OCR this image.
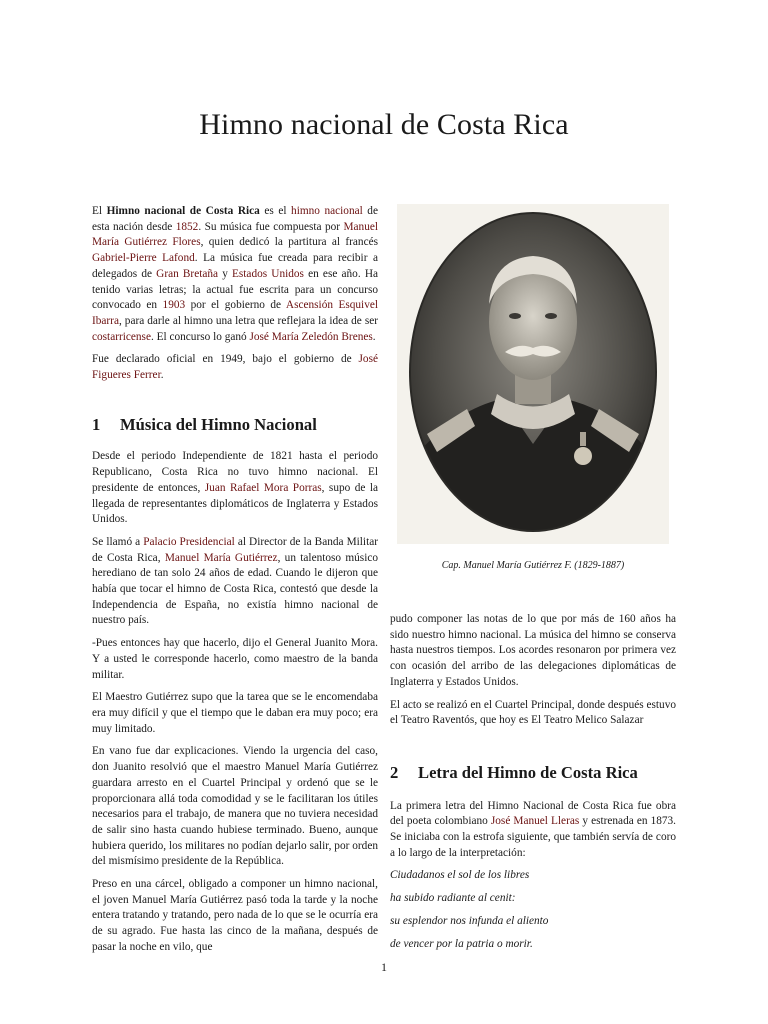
Himno nacional de Costa Rica

El Himno nacional de Costa Rica es el himno nacional de esta nación desde 1852. Su música fue compuesta por Manuel María Gutiérrez Flores, quien dedicó la partitura al francés Gabriel-Pierre Lafond. La música fue creada para recibir a delegados de Gran Bretaña y Estados Unidos en ese año. Ha tenido varias letras; la actual fue escrita para un concurso convocado en 1903 por el gobierno de Ascensión Esquivel Ibarra, para darle al himno una letra que reflejara la idea de ser costarricense. El concurso lo ganó José María Zeledón Brenes.

Fue declarado oficial en 1949, bajo el gobierno de José Figueres Ferrer.

1	Música del Himno Nacional

Desde el periodo Independiente de 1821 hasta el periodo Republicano, Costa Rica no tuvo himno nacional. El presidente de entonces, Juan Rafael Mora Porras, supo de la llegada de representantes diplomáticos de Inglaterra y Estados Unidos.

Se llamó a Palacio Presidencial al Director de la Banda Militar de Costa Rica, Manuel María Gutiérrez, un talentoso músico herediano de tan solo 24 años de edad. Cuando le dijeron que había que tocar el himno de Costa Rica, contestó que desde la Independencia de España, no existía himno nacional de nuestro país.

-Pues entonces hay que hacerlo, dijo el General Juanito Mora. Y a usted le corresponde hacerlo, como maestro de la banda militar.

El Maestro Gutiérrez supo que la tarea que se le encomendaba era muy difícil y que el tiempo que le daban era muy poco; era muy limitado.

En vano fue dar explicaciones. Viendo la urgencia del caso, don Juanito resolvió que el maestro Manuel María Gutiérrez guardara arresto en el Cuartel Principal y ordenó que se le proporcionara allá toda comodidad y se le facilitaran los útiles necesarios para el trabajo, de manera que no tuviera necesidad de salir sino hasta cuando hubiese terminado. Bueno, aunque hubiera querido, los militares no podían dejarlo salir, por orden del mismísimo presidente de la República.

Preso en una cárcel, obligado a componer un himno nacional, el joven Manuel María Gutiérrez pasó toda la tarde y la noche entera tratando y tratando, pero nada de lo que se le ocurría era de su agrado. Fue hasta las cinco de la mañana, después de pasar la noche en vilo, que

Cap. Manuel María Gutiérrez F. (1829-1887)

pudo componer las notas de lo que por más de 160 años ha sido nuestro himno nacional. La música del himno se conserva hasta nuestros tiempos. Los acordes resonaron por primera vez con ocasión del arribo de las delegaciones diplomáticas de Inglaterra y Estados Unidos.

El acto se realizó en el Cuartel Principal, donde después estuvo el Teatro Raventós, que hoy es El Teatro Melico Salazar

2	Letra del Himno de Costa Rica

La primera letra del Himno Nacional de Costa Rica fue obra del poeta colombiano José Manuel Lleras y estrenada en 1873. Se iniciaba con la estrofa siguiente, que también servía de coro a lo largo de la interpretación:

Ciudadanos el sol de los libres

ha subido radiante al cenit:

su esplendor nos infunda el aliento

de vencer por la patria o morir.

1
